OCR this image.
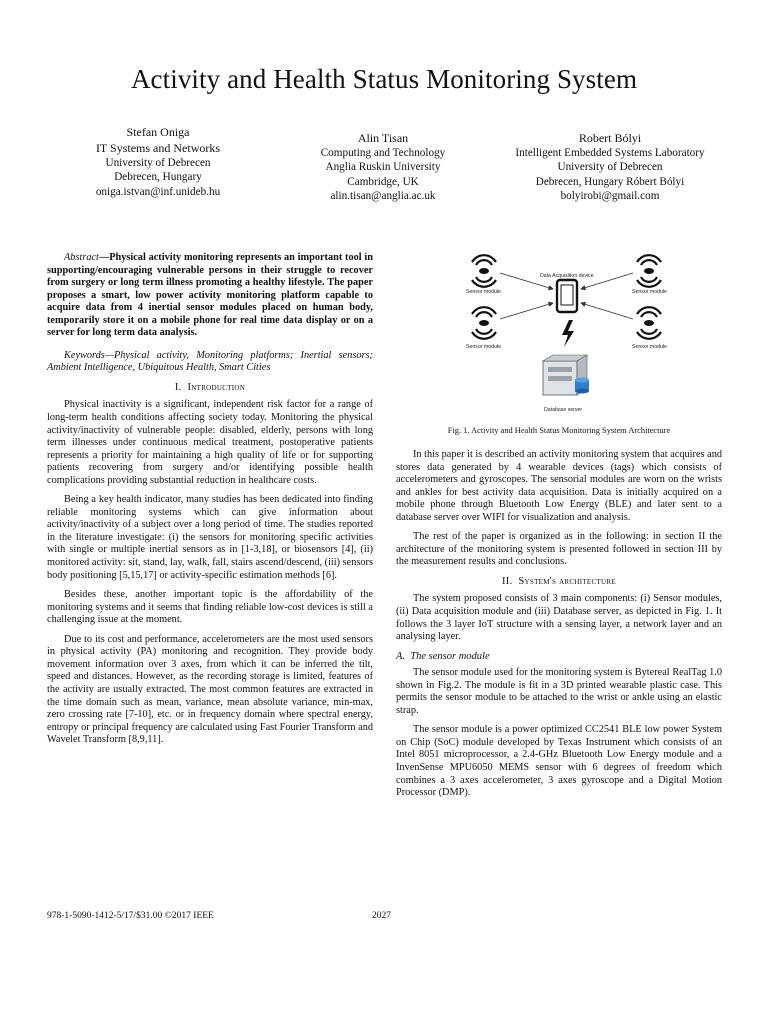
Activity and Health Status Monitoring System
Stefan Oniga
IT Systems and Networks
University of Debrecen
Debrecen, Hungary
oniga.istvan@inf.unideb.hu
Alin Tisan
Computing and Technology
Anglia Ruskin University
Cambridge, UK
alin.tisan@anglia.ac.uk
Robert Bólyi
Intelligent Embedded Systems Laboratory
University of Debrecen
Debrecen, Hungary Róbert Bólyi
bolyirobi@gmail.com

Abstract—Physical activity monitoring represents an important tool in supporting/encouraging vulnerable persons in their struggle to recover from surgery or long term illness promoting a healthy lifestyle. The paper proposes a smart, low power activity monitoring platform capable to acquire data from 4 inertial sensor modules placed on human body, temporarily store it on a mobile phone for real time data display or on a server for long term data analysis.

Keywords—Physical activity, Monitoring platforms; Inertial sensors; Ambient Intelligence, Ubiquitous Health, Smart Cities

I. Introduction

Physical inactivity is a significant, independent risk factor for a range of long-term health conditions affecting society today. Monitoring the physical activity/inactivity of vulnerable people: disabled, elderly, persons with long term illnesses under continuous medical treatment, postoperative patients represents a priority for maintaining a high quality of life or for supporting patients recovering from surgery and/or identifying possible health complications providing substantial reduction in healthcare costs.

Being a key health indicator, many studies has been dedicated into finding reliable monitoring systems which can give information about activity/inactivity of a subject over a long period of time. The studies reported in the literature investigate: (i) the sensors for monitoring specific activities with single or multiple inertial sensors as in [1-3,18], or biosensors [4], (ii) monitored activity: sit, stand, lay, walk, fall, stairs ascend/descend, (iii) sensors body positioning [5,15,17] or activity-specific estimation methods [6].

Besides these, another important topic is the affordability of the monitoring systems and it seems that finding reliable low-cost devices is still a challenging issue at the moment.

Due to its cost and performance, accelerometers are the most used sensors in physical activity (PA) monitoring and recognition. They provide body movement information over 3 axes, from which it can be inferred the tilt, speed and distances. However, as the recording storage is limited, features of the activity are usually extracted. The most common features are extracted in the time domain such as mean, variance, mean absolute variance, min-max, zero crossing rate [7-10], etc. or in frequency domain where spectral energy, entropy or principal frequency are calculated using Fast Fourier Transform and Wavelet Transform [8,9,11].

Data Acquisition device
Sensor module	Sensor module
Sensor module	Sensor module
Database server
Fig. 1. Activity and Health Status Monitoring System Architecture

In this paper it is described an activity monitoring system that acquires and stores data generated by 4 wearable devices (tags) which consists of accelerometers and gyroscopes. The sensorial modules are worn on the wrists and ankles for best activity data acquisition. Data is initially acquired on a mobile phone through Bluetooth Low Energy (BLE) and later sent to a database server over WIFI for visualization and analysis.

The rest of the paper is organized as in the following: in section II the architecture of the monitoring system is presented followed in section III by the measurement results and conclusions.

II. System's architecture

The system proposed consists of 3 main components: (i) Sensor modules, (ii) Data acquisition module and (iii) Database server, as depicted in Fig. 1. It follows the 3 layer IoT structure with a sensing layer, a network layer and an analysing layer.

A. The sensor module

The sensor module used for the monitoring system is Bytereal RealTag 1.0 shown in Fig.2. The module is fit in a 3D printed wearable plastic case. This permits the sensor module to be attached to the wrist or ankle using an elastic strap.

The sensor module is a power optimized CC2541 BLE low power System on Chip (SoC) module developed by Texas Instrument which consists of an Intel 8051 microprocessor, a 2.4-GHz Bluetooth Low Energy module and a InvenSense MPU6050 MEMS sensor with 6 degrees of freedom which combines a 3 axes accelerometer, 3 axes gyroscope and a Digital Motion Processor (DMP).

978-1-5090-1412-5/17/$31.00 ©2017 IEEE	2027
